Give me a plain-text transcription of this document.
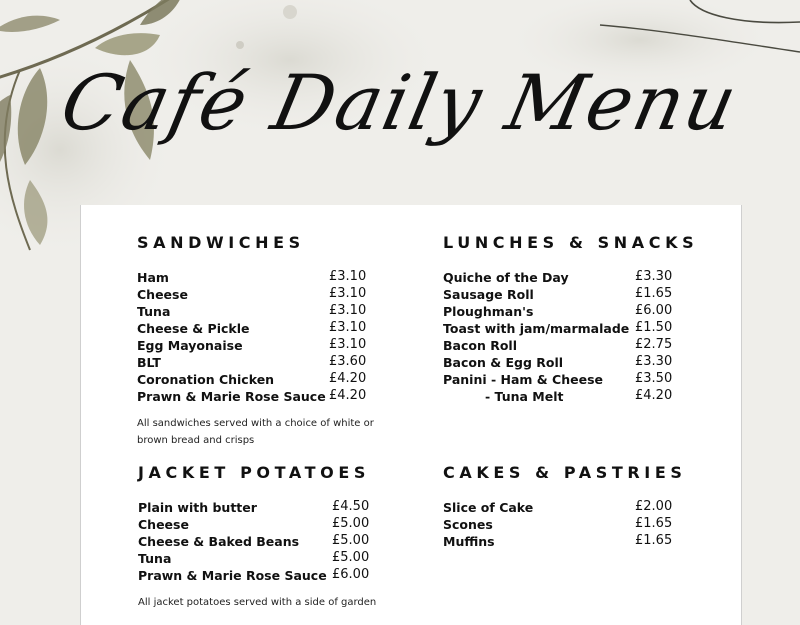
Café Daily Menu
SANDWICHES
Ham	£3.10
Cheese	£3.10
Tuna	£3.10
Cheese & Pickle	£3.10
Egg Mayonaise	£3.10
BLT	£3.60
Coronation Chicken	£4.20
Prawn & Marie Rose Sauce £4.20
All sandwiches served with a choice of white or
brown bread and crisps
LUNCHES & SNACKS
Quiche of the Day	£3.30
Sausage Roll	£1.65
Ploughman's	£6.00
Toast with jam/marmalade £1.50
Bacon Roll	£2.75
Bacon & Egg Roll	£3.30
Panini - Ham & Cheese £3.50
- Tuna Melt	£4.20
JACKET POTATOES
Plain with butter	£4.50
Cheese	£5.00
Cheese & Baked Beans	£5.00
Tuna	£5.00
Prawn & Marie Rose Sauce £6.00
All jacket potatoes served with a side of garden
CAKES & PASTRIES
Slice of Cake	£2.00
Scones	£1.65
Muffins	£1.65
